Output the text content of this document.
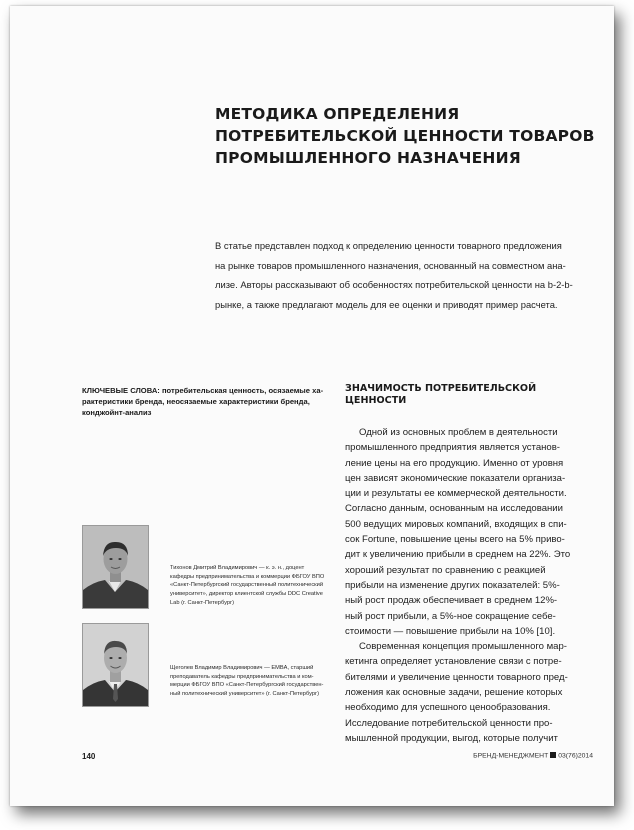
МЕТОДИКА ОПРЕДЕЛЕНИЯ
ПОТРЕБИТЕЛЬСКОЙ ЦЕННОСТИ ТОВАРОВ
ПРОМЫШЛЕННОГО НАЗНАЧЕНИЯ
В статье представлен подход к определению ценности товарного предложения
на рынке товаров промышленного назначения, основанный на совместном ана-
лизе. Авторы рассказывают об особенностях потребительской ценности на b-2-b-
рынке, а также предлагают модель для ее оценки и приводят пример расчета.
КЛЮЧЕВЫЕ СЛОВА: потребительская ценность, осязаемые ха-
рактеристики бренда, неосязаемые характеристики бренда,
конджойнт-анализ
ЗНАЧИМОСТЬ ПОТРЕБИТЕЛЬСКОЙ
ЦЕННОСТИ
Одной из основных проблем в деятельности
промышленного предприятия является установ-
ление цены на его продукцию. Именно от уровня
цен зависят экономические показатели организа-
ции и результаты ее коммерческой деятельности.
Согласно данным, основанным на исследовании
500 ведущих мировых компаний, входящих в спи-
сок Fortune, повышение цены всего на 5% приво-
дит к увеличению прибыли в среднем на 22%. Это
хороший результат по сравнению с реакцией
прибыли на изменение других показателей: 5%-
ный рост продаж обеспечивает в среднем 12%-
ный рост прибыли, а 5%-ное сокращение себе-
стоимости — повышение прибыли на 10% [10].
Современная концепция промышленного мар-
кетинга определяет установление связи с потре-
бителями и увеличение ценности товарного пред-
ложения как основные задачи, решение которых
необходимо для успешного ценообразования.
Исследование потребительской ценности про-
мышленной продукции, выгод, которые получит
Тихонов Дмитрий Владимирович — к. э. н., доцент
кафедры предпринимательства и коммерции ФБГОУ ВПО
«Санкт-Петербургский государственный политехнический
университет», директор клиентской службы DDC Creative
Lab (г. Санкт-Петербург)
Щеголев Владимир Владимирович — EMBA, старший
преподаватель кафедры предпринимательства и ком-
мерции ФБГОУ ВПО «Санкт-Петербургский государствен-
ный политехнический университет» (г. Санкт-Петербург)
140	БРЕНД-МЕНЕДЖМЕНТ 03(76)2014
